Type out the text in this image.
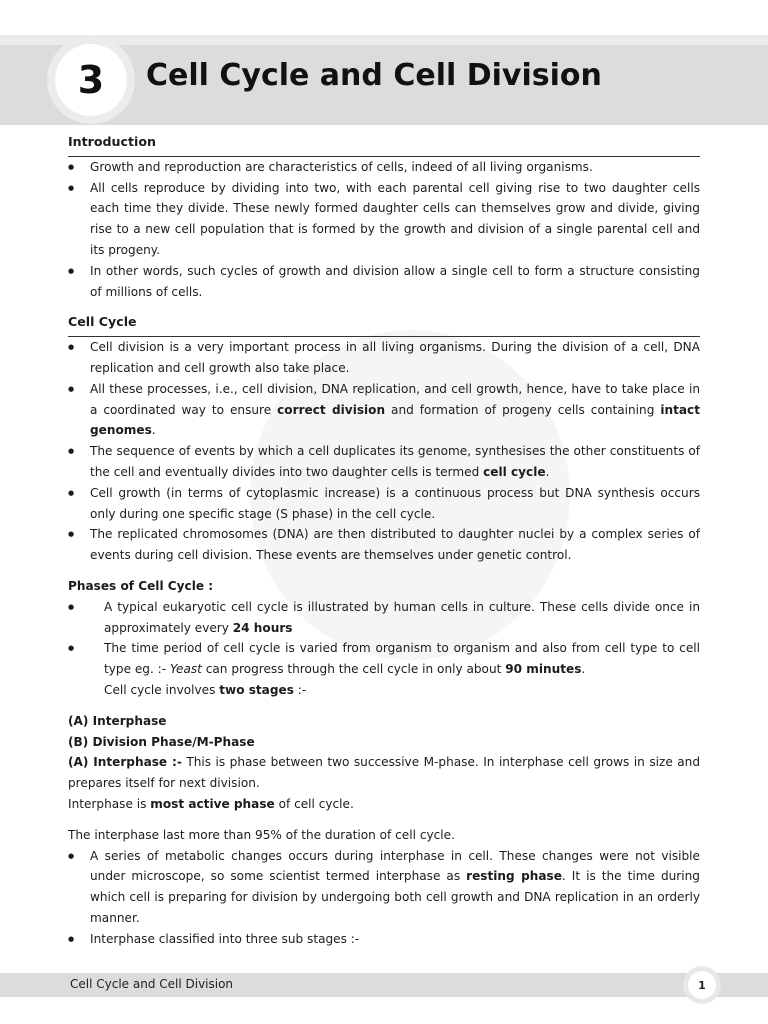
3	Cell Cycle and Cell Division
Introduction
● Growth and reproduction are characteristics of cells, indeed of all living organisms.
● All cells reproduce by dividing into two, with each parental cell giving rise to two daughter cells each time they divide. These newly formed daughter cells can themselves grow and divide, giving rise to a new cell population that is formed by the growth and division of a single parental cell and its progeny.
● In other words, such cycles of growth and division allow a single cell to form a structure consisting of millions of cells.
Cell Cycle
● Cell division is a very important process in all living organisms. During the division of a cell, DNA replication and cell growth also take place.
● All these processes, i.e., cell division, DNA replication, and cell growth, hence, have to take place in a coordinated way to ensure correct division and formation of progeny cells containing intact genomes.
● The sequence of events by which a cell duplicates its genome, synthesises the other constituents of the cell and eventually divides into two daughter cells is termed cell cycle.
● Cell growth (in terms of cytoplasmic increase) is a continuous process but DNA synthesis occurs only during one specific stage (S phase) in the cell cycle.
● The replicated chromosomes (DNA) are then distributed to daughter nuclei by a complex series of events during cell division. These events are themselves under genetic control.
Phases of Cell Cycle :
● A typical eukaryotic cell cycle is illustrated by human cells in culture. These cells divide once in approximately every 24 hours
● The time period of cell cycle is varied from organism to organism and also from cell type to cell type eg. :- Yeast can progress through the cell cycle in only about 90 minutes.
Cell cycle involves two stages :-
(A) Interphase
(B) Division Phase/M-Phase
(A) Interphase :- This is phase between two successive M-phase. In interphase cell grows in size and prepares itself for next division.
Interphase is most active phase of cell cycle.
The interphase last more than 95% of the duration of cell cycle.
● A series of metabolic changes occurs during interphase in cell. These changes were not visible under microscope, so some scientist termed interphase as resting phase. It is the time during which cell is preparing for division by undergoing both cell growth and DNA replication in an orderly manner.
● Interphase classified into three sub stages :-
Cell Cycle and Cell Division	1
